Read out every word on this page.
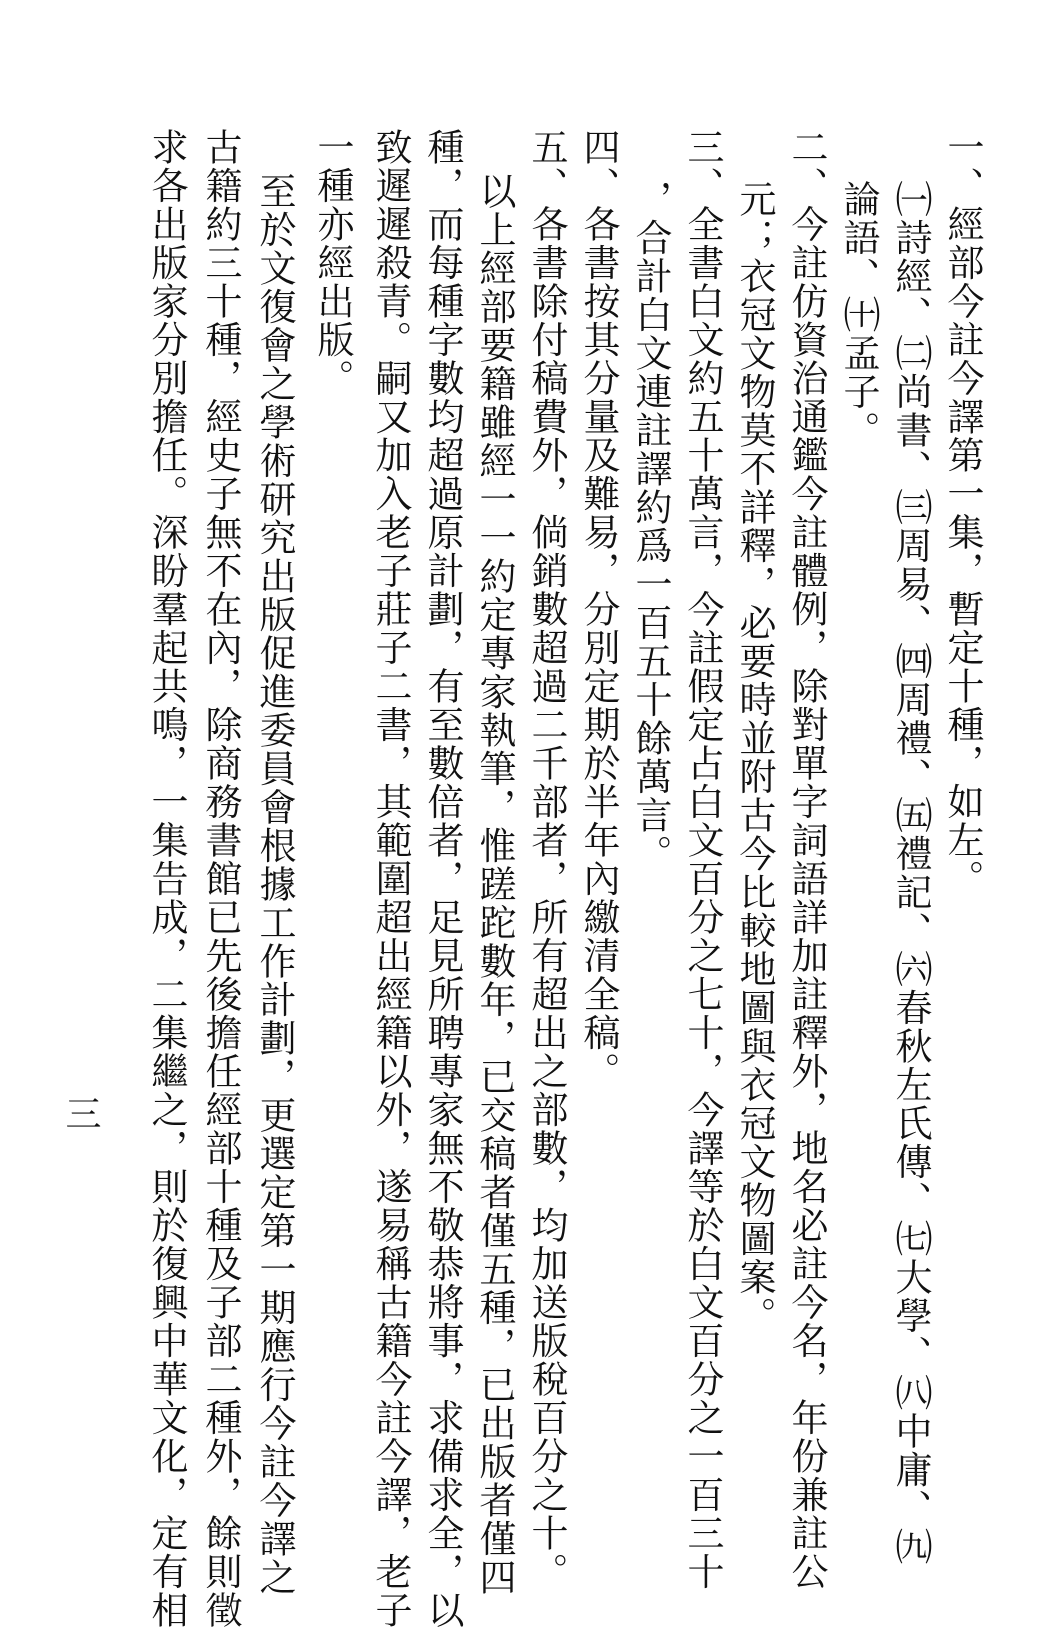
一、經部今註今譯第一集，暫定十種，如左。
㈠詩經、㈡尚書、㈢周易、㈣周禮、㈤禮記、㈥春秋左氏傳、㈦大學、㈧中庸、㈨
論語、㈩孟子。
二、今註仿資治通鑑今註體例，除對單字詞語詳加註釋外，地名必註今名，年份兼註公
元；衣冠文物莫不詳釋，必要時並附古今比較地圖與衣冠文物圖案。
三、全書白文約五十萬言，今註假定占白文百分之七十，今譯等於白文百分之一百三十
，合計白文連註譯約爲一百五十餘萬言。
四、各書按其分量及難易，分別定期於半年內繳清全稿。
五、各書除付稿費外，倘銷數超過二千部者，所有超出之部數，均加送版稅百分之十。
以上經部要籍雖經一一約定專家執筆，惟蹉跎數年，已交稿者僅五種，已出版者僅四
種，而每種字數均超過原計劃，有至數倍者，足見所聘專家無不敬恭將事，求備求全，以
致遲遲殺青。嗣又加入老子莊子二書，其範圍超出經籍以外，遂易稱古籍今註今譯，老子
一種亦經出版。
至於文復會之學術研究出版促進委員會根據工作計劃，更選定第一期應行今註今譯之
古籍約三十種，經史子無不在內，除商務書館已先後擔任經部十種及子部二種外，餘則徵
求各出版家分別擔任。深盼羣起共鳴，一集告成，二集繼之，則於復興中華文化，定有相
三
